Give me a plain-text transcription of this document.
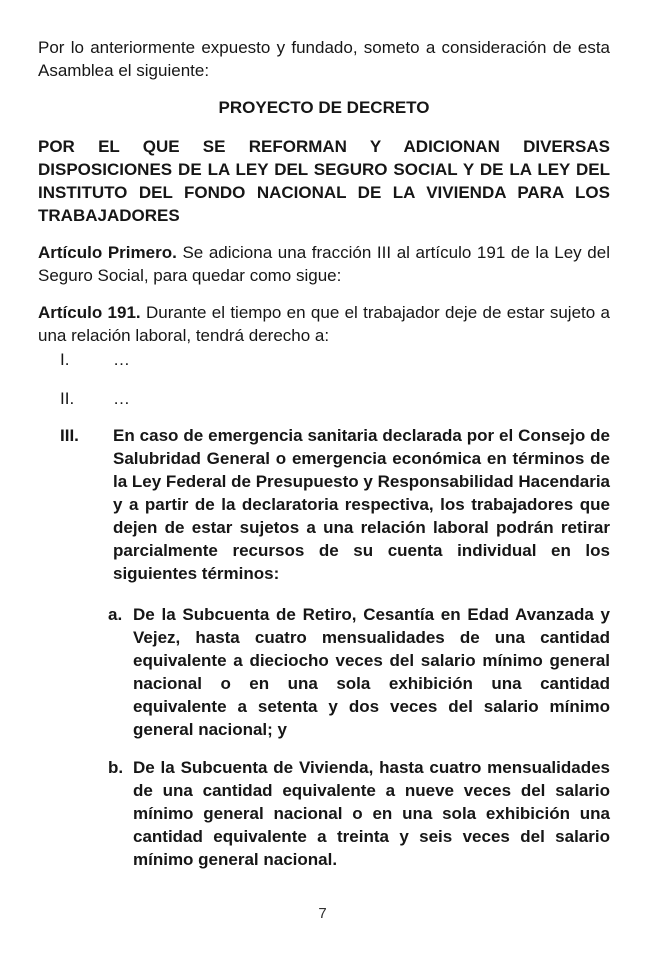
Por lo anteriormente expuesto y fundado, someto a consideración de esta Asamblea el siguiente:

PROYECTO DE DECRETO

POR EL QUE SE REFORMAN Y ADICIONAN DIVERSAS DISPOSICIONES DE LA LEY DEL SEGURO SOCIAL Y DE LA LEY DEL INSTITUTO DEL FONDO NACIONAL DE LA VIVIENDA PARA LOS TRABAJADORES

Artículo Primero. Se adiciona una fracción III al artículo 191 de la Ley del Seguro Social, para quedar como sigue:

Artículo 191. Durante el tiempo en que el trabajador deje de estar sujeto a una relación laboral, tendrá derecho a:

I.	…
II.	…
III.	En caso de emergencia sanitaria declarada por el Consejo de Salubridad General o emergencia económica en términos de la Ley Federal de Presupuesto y Responsabilidad Hacendaria y a partir de la declaratoria respectiva, los trabajadores que dejen de estar sujetos a una relación laboral podrán retirar parcialmente recursos de su cuenta individual en los siguientes términos:
a. De la Subcuenta de Retiro, Cesantía en Edad Avanzada y Vejez, hasta cuatro mensualidades de una cantidad equivalente a dieciocho veces del salario mínimo general nacional o en una sola exhibición una cantidad equivalente a setenta y dos veces del salario mínimo general nacional; y
b. De la Subcuenta de Vivienda, hasta cuatro mensualidades de una cantidad equivalente a nueve veces del salario mínimo general nacional o en una sola exhibición una cantidad equivalente a treinta y seis veces del salario mínimo general nacional.
7
